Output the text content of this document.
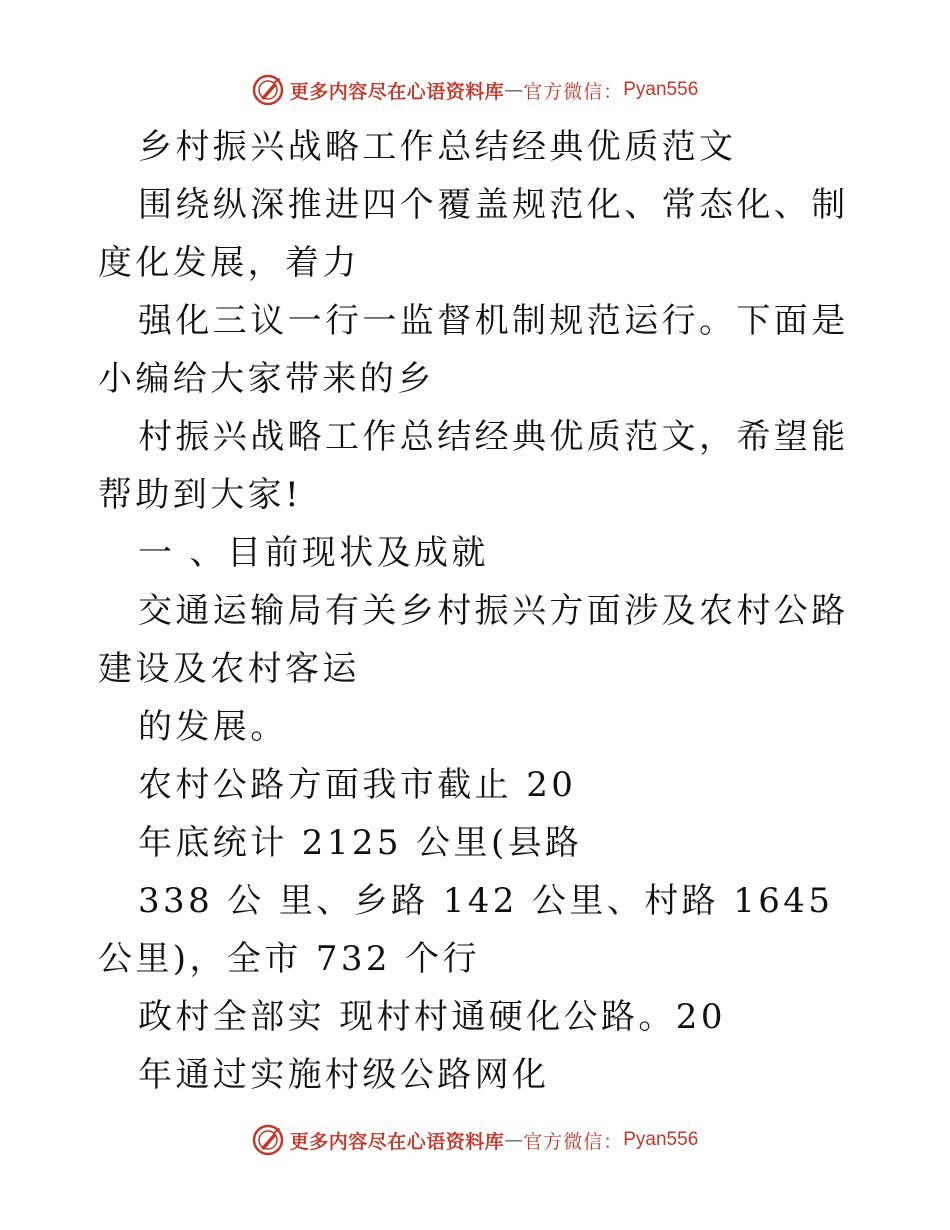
更多内容尽在心语资料库 — 官方微信： Pyan556

乡村振兴战略工作总结经典优质范文

围绕纵深推进四个覆盖规范化、常态化、制度化发展，着力

强化三议一行一监督机制规范运行。下面是小编给大家带来的乡

村振兴战略工作总结经典优质范文，希望能帮助到大家!

一 、目前现状及成就

交通运输局有关乡村振兴方面涉及农村公路建设及农村客运

的发展。

农村公路方面我市截止 20

年底统计 2125 公里(县路

338 公 里、乡路 142 公里、村路 1645 公里)，全市 732 个行

政村全部实 现村村通硬化公路。20

年通过实施村级公路网化

更多内容尽在心语资料库 — 官方微信： Pyan556
